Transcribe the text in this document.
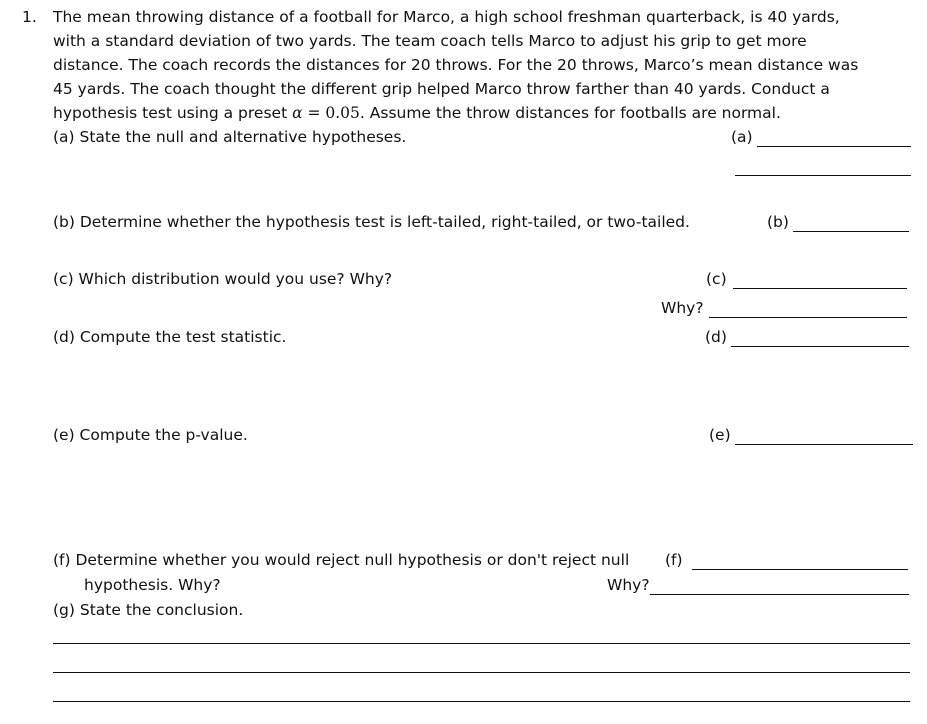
1. The mean throwing distance of a football for Marco, a high school freshman quarterback, is 40 yards,
with a standard deviation of two yards. The team coach tells Marco to adjust his grip to get more
distance. The coach records the distances for 20 throws. For the 20 throws, Marco’s mean distance was
45 yards. The coach thought the different grip helped Marco throw farther than 40 yards. Conduct a
hypothesis test using a preset α = 0.05. Assume the throw distances for footballs are normal.
(a) State the null and alternative hypotheses.	(a)
(b) Determine whether the hypothesis test is left-tailed, right-tailed, or two-tailed.	(b)
(c) Which distribution would you use? Why?	(c)
Why?
(d) Compute the test statistic.	(d)
(e) Compute the p-value.	(e)
(f) Determine whether you would reject null hypothesis or don't reject null
hypothesis. Why?
(f)
Why?
(g) State the conclusion.
